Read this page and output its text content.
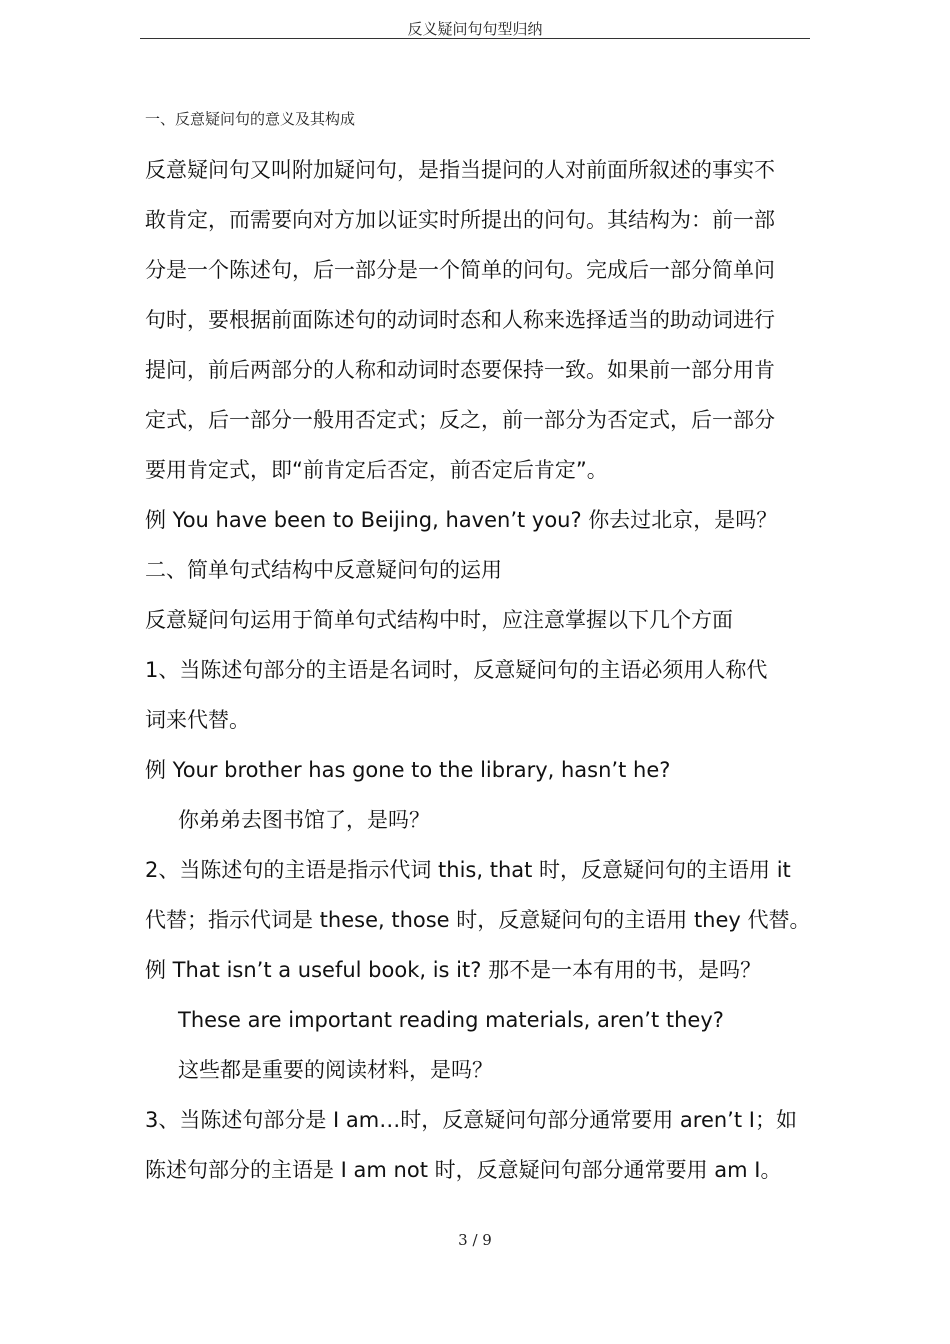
反义疑问句句型归纳
一、反意疑问句的意义及其构成
反意疑问句又叫附加疑问句，是指当提问的人对前面所叙述的事实不
敢肯定，而需要向对方加以证实时所提出的问句。其结构为：前一部
分是一个陈述句，后一部分是一个简单的问句。完成后一部分简单问
句时，要根据前面陈述句的动词时态和人称来选择适当的助动词进行
提问，前后两部分的人称和动词时态要保持一致。如果前一部分用肯
定式，后一部分一般用否定式；反之，前一部分为否定式，后一部分
要用肯定式，即“前肯定后否定，前否定后肯定”。
例 You have been to Beijing, haven’t you? 你去过北京，是吗？
二、简单句式结构中反意疑问句的运用
反意疑问句运用于简单句式结构中时，应注意掌握以下几个方面
1、当陈述句部分的主语是名词时，反意疑问句的主语必须用人称代
词来代替。
例 Your brother has gone to the library, hasn’t he?
你弟弟去图书馆了，是吗？
2、当陈述句的主语是指示代词 this, that 时，反意疑问句的主语用 it
代替；指示代词是 these, those 时，反意疑问句的主语用 they 代替。
例 That isn’t a useful book, is it? 那不是一本有用的书，是吗？
These are important reading materials, aren’t they?
这些都是重要的阅读材料，是吗？
3、当陈述句部分是 I am…时，反意疑问句部分通常要用 aren’t I；如
陈述句部分的主语是 I am not 时，反意疑问句部分通常要用 am I。
3 / 9
